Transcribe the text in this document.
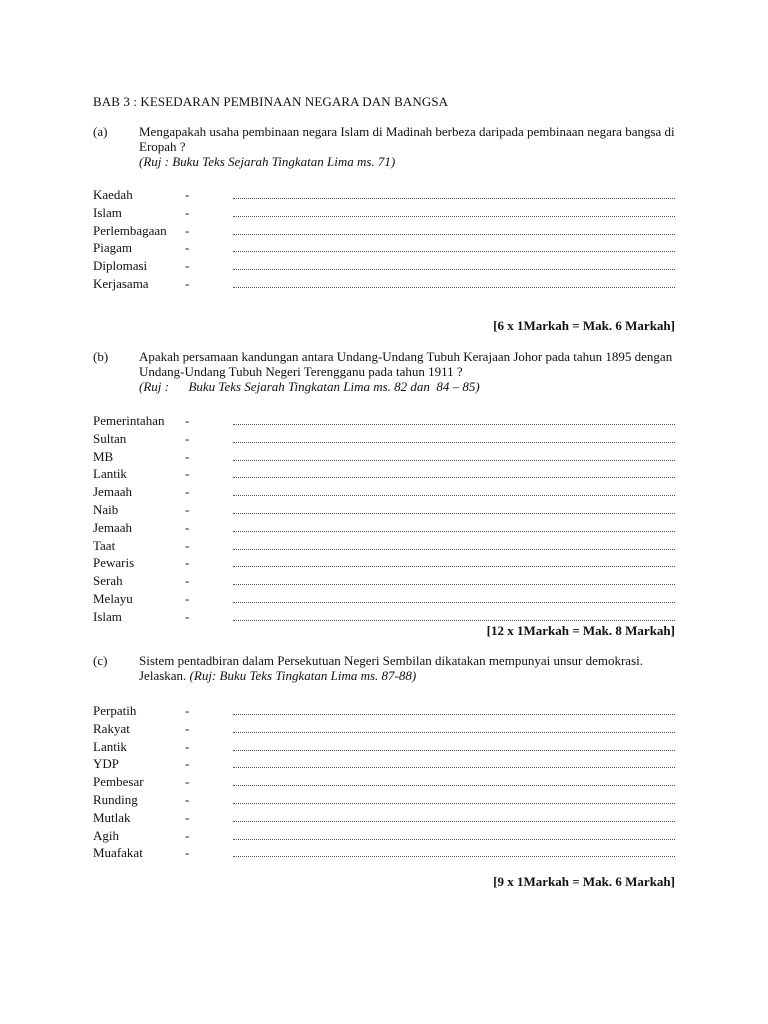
BAB 3 : KESEDARAN PEMBINAAN NEGARA DAN BANGSA
(a) Mengapakah usaha pembinaan negara Islam di Madinah berbeza daripada pembinaan negara bangsa di Eropah ?
(Ruj : Buku Teks Sejarah Tingkatan Lima ms. 71)
Kaedah	-
Islam	-
Perlembagaan -
Piagam	-
Diplomasi	-
Kerjasama	-
[6 x 1Markah = Mak. 6 Markah]
(b) Apakah persamaan kandungan antara Undang-Undang Tubuh Kerajaan Johor pada tahun 1895 dengan Undang-Undang Tubuh Negeri Terengganu pada tahun 1911 ?
(Ruj :      Buku Teks Sejarah Tingkatan Lima ms. 82 dan  84 – 85)
Pemerintahan -
Sultan	-
MB	-
Lantik	-
Jemaah	-
Naib	-
Jemaah	-
Taat	-
Pewaris	-
Serah	-
Melayu	-
Islam	-
[12 x 1Markah = Mak. 8 Markah]
(c) Sistem pentadbiran dalam Persekutuan Negeri Sembilan dikatakan mempunyai unsur demokrasi. Jelaskan. (Ruj: Buku Teks Tingkatan Lima ms. 87-88)
Perpatih	-
Rakyat	-
Lantik	-
YDP	-
Pembesar	-
Runding	-
Mutlak	-
Agih	-
Muafakat	-
[9 x 1Markah = Mak. 6 Markah]
